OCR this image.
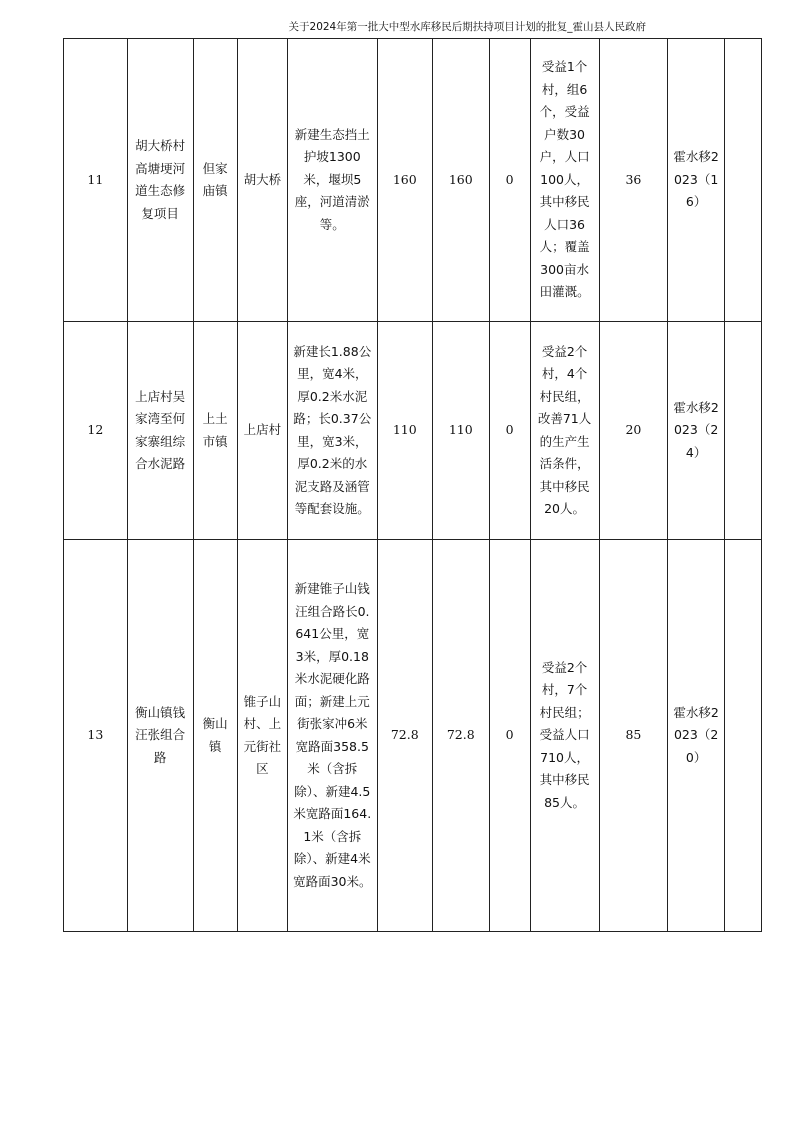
关于2024年第一批大中型水库移民后期扶持项目计划的批复_霍山县人民政府
11	胡大桥村高塘埂河道生态修复项目	但家庙镇	胡大桥	新建生态挡土护坡1300米，堰坝5座，河道清淤等。	160	160	0	受益1个村，组6个，受益户数30户，人口100人，其中移民人口36人；覆盖300亩水田灌溉。	36	霍水移2023（16）	
12	上店村吴家湾至何家寨组综合水泥路	上土市镇	上店村	新建长1.88公里，宽4米，厚0.2米水泥路；长0.37公里，宽3米，厚0.2米的水泥支路及涵管等配套设施。	110	110	0	受益2个村，4个村民组，改善71人的生产生活条件，其中移民20人。	20	霍水移2023（24）	
13	衡山镇钱汪张组合路	衡山镇	锥子山村、上元街社区	新建锥子山钱汪组合路长0.641公里，宽3米，厚0.18米水泥硬化路面；新建上元街张家冲6米宽路面358.5米（含拆除）、新建4.5米宽路面164.1米（含拆除）、新建4米宽路面30米。	72.8	72.8	0	受益2个村，7个村民组；受益人口710人，其中移民85人。	85	霍水移2023（20）	
